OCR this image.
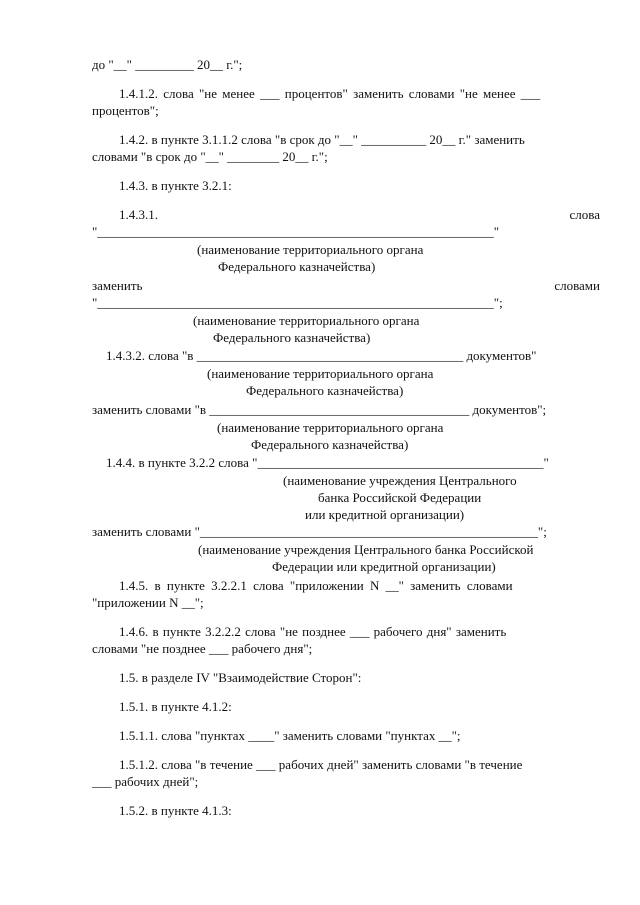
до "__" _________ 20__ г.";

1.4.1.2. слова "не менее ___ процентов" заменить словами "не менее ___

процентов";

1.4.2. в пункте 3.1.1.2 слова "в срок до "__" __________ 20__ г." заменить

словами "в срок до "__" ________ 20__ г.";

1.4.3. в пункте 3.2.1:

1.4.3.1.	слова

"_____________________________________________________________"

(наименование территориального органа

Федерального казначейства)

заменить	словами

"_____________________________________________________________";

(наименование территориального органа

Федерального казначейства)

1.4.3.2. слова "в _________________________________________ документов"

(наименование территориального органа

Федерального казначейства)

заменить словами "в ________________________________________ документов";

(наименование территориального органа

Федерального казначейства)

1.4.4. в пункте 3.2.2 слова "____________________________________________"

(наименование учреждения Центрального

банка Российской Федерации

или кредитной организации)

заменить словами "____________________________________________________";

(наименование учреждения Центрального банка Российской

Федерации или кредитной организации)

1.4.5. в пункте 3.2.2.1 слова "приложении N __" заменить словами

"приложении N __";

1.4.6. в пункте 3.2.2.2 слова "не позднее ___ рабочего дня" заменить

словами "не позднее ___ рабочего дня";

1.5. в разделе IV "Взаимодействие Сторон":

1.5.1. в пункте 4.1.2:

1.5.1.1. слова "пунктах ____" заменить словами "пунктах __";

1.5.1.2. слова "в течение ___ рабочих дней" заменить словами "в течение

___ рабочих дней";

1.5.2. в пункте 4.1.3:
